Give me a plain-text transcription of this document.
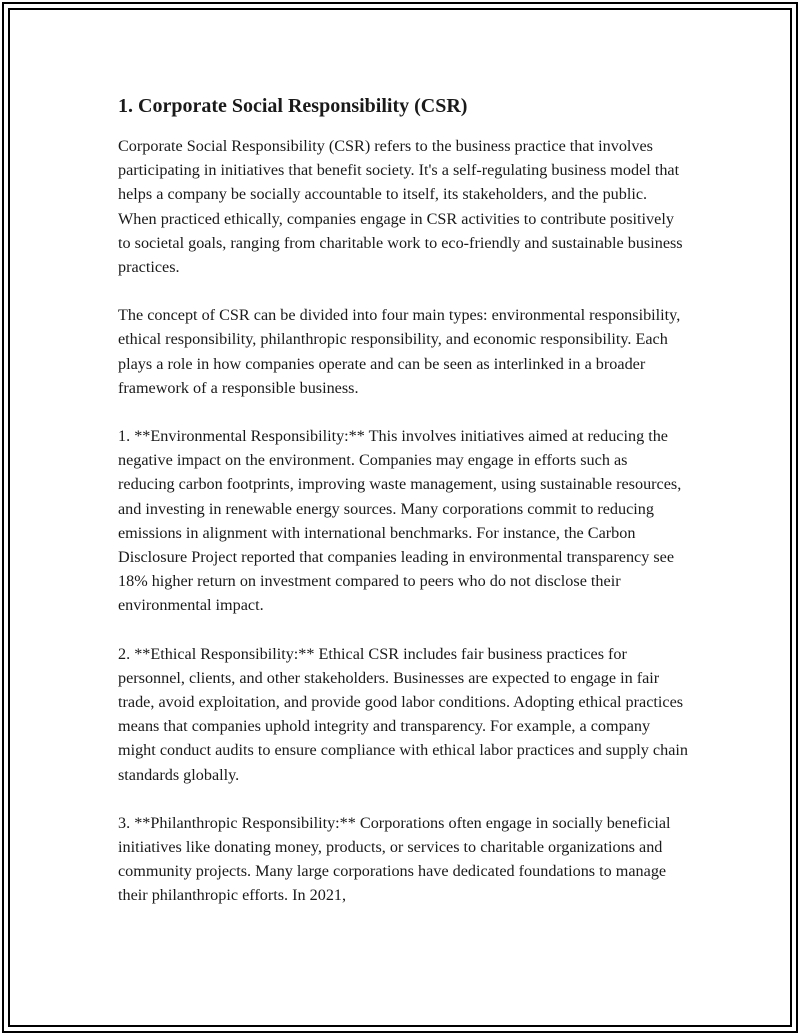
1. Corporate Social Responsibility (CSR)

Corporate Social Responsibility (CSR) refers to the business practice that involves participating in initiatives that benefit society. It's a self-regulating business model that helps a company be socially accountable to itself, its stakeholders, and the public. When practiced ethically, companies engage in CSR activities to contribute positively to societal goals, ranging from charitable work to eco-friendly and sustainable business practices.

The concept of CSR can be divided into four main types: environmental responsibility, ethical responsibility, philanthropic responsibility, and economic responsibility. Each plays a role in how companies operate and can be seen as interlinked in a broader framework of a responsible business.

1. **Environmental Responsibility:** This involves initiatives aimed at reducing the negative impact on the environment. Companies may engage in efforts such as reducing carbon footprints, improving waste management, using sustainable resources, and investing in renewable energy sources. Many corporations commit to reducing emissions in alignment with international benchmarks. For instance, the Carbon Disclosure Project reported that companies leading in environmental transparency see 18% higher return on investment compared to peers who do not disclose their environmental impact.

2. **Ethical Responsibility:** Ethical CSR includes fair business practices for personnel, clients, and other stakeholders. Businesses are expected to engage in fair trade, avoid exploitation, and provide good labor conditions. Adopting ethical practices means that companies uphold integrity and transparency. For example, a company might conduct audits to ensure compliance with ethical labor practices and supply chain standards globally.

3. **Philanthropic Responsibility:** Corporations often engage in socially beneficial initiatives like donating money, products, or services to charitable organizations and community projects. Many large corporations have dedicated foundations to manage their philanthropic efforts. In 2021,
